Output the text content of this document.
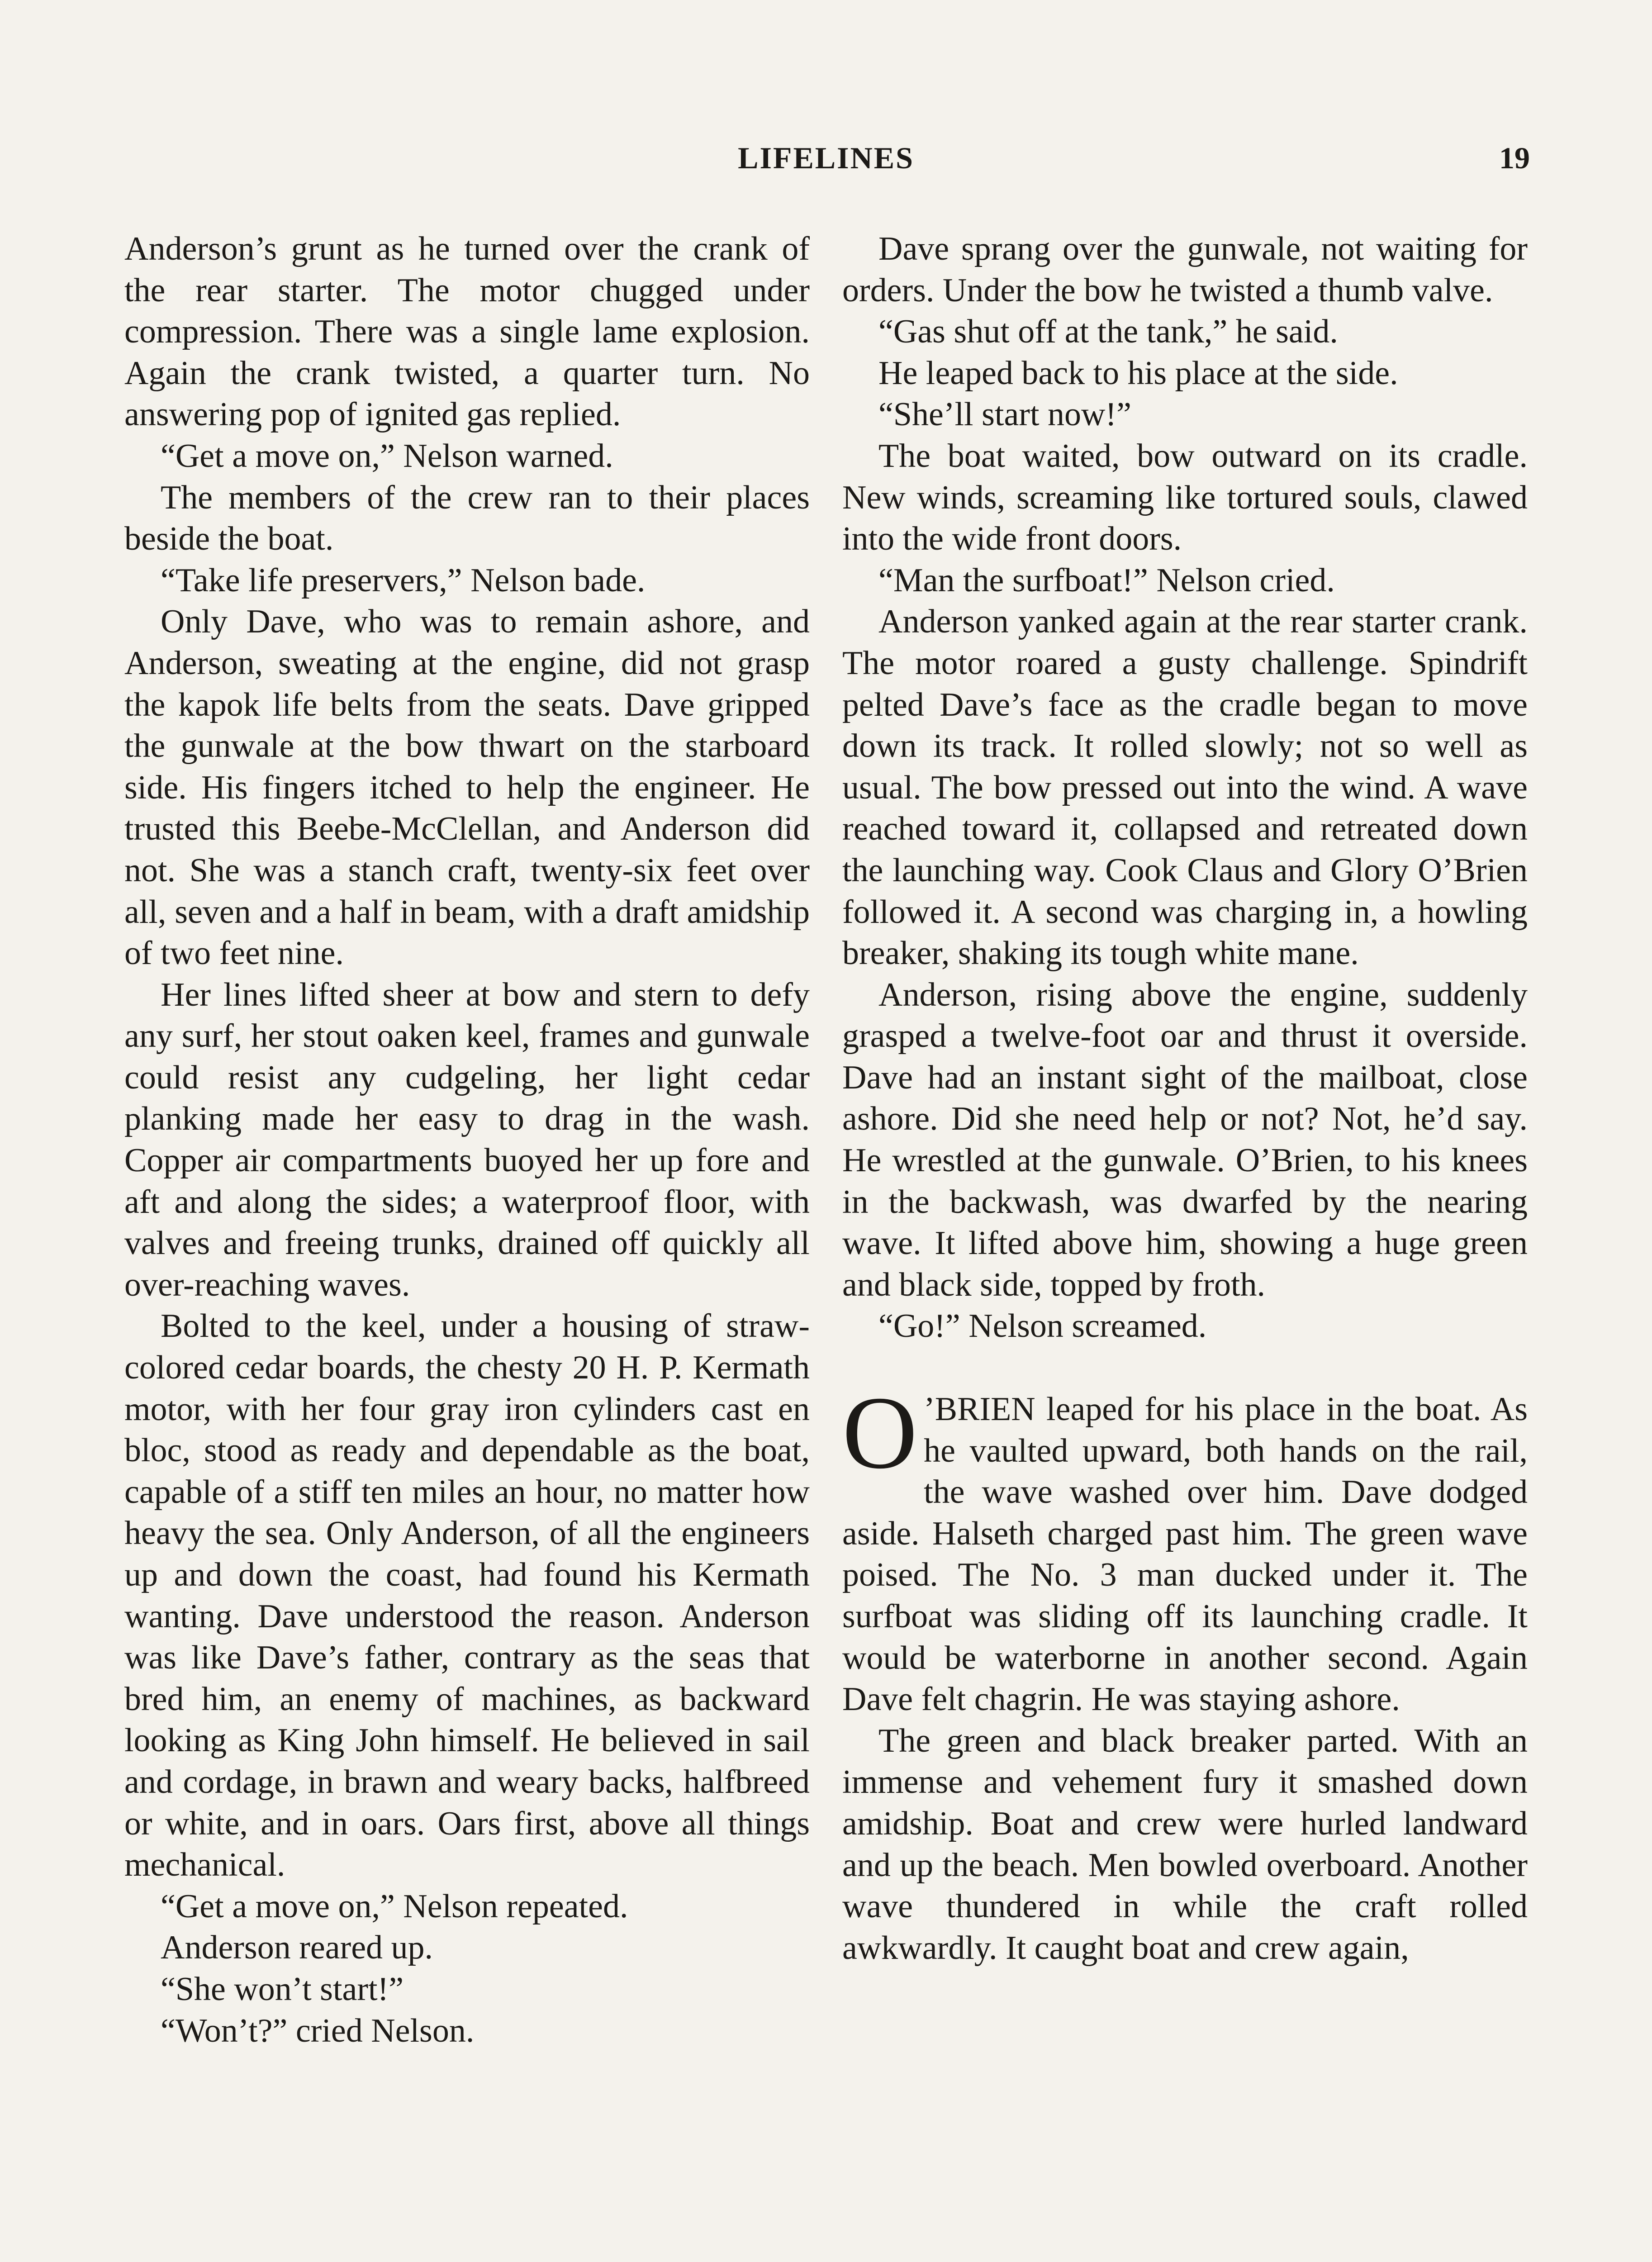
LIFELINES	19

Anderson’s grunt as he turned over the crank of the rear starter. The motor chugged under compression. There was a single lame explosion. Again the crank twisted, a quarter turn. No answering pop of ignited gas replied.

“Get a move on,” Nelson warned.

The members of the crew ran to their places beside the boat.

“Take life preservers,” Nelson bade.

Only Dave, who was to remain ashore, and Anderson, sweating at the engine, did not grasp the kapok life belts from the seats. Dave gripped the gunwale at the bow thwart on the starboard side. His fingers itched to help the engineer. He trusted this Beebe-McClellan, and Anderson did not. She was a stanch craft, twenty-six feet over all, seven and a half in beam, with a draft amidship of two feet nine.

Her lines lifted sheer at bow and stern to defy any surf, her stout oaken keel, frames and gunwale could resist any cudgeling, her light cedar planking made her easy to drag in the wash. Copper air compartments buoyed her up fore and aft and along the sides; a waterproof floor, with valves and freeing trunks, drained off quickly all over-reaching waves.

Bolted to the keel, under a housing of straw-colored cedar boards, the chesty 20 H. P. Kermath motor, with her four gray iron cylinders cast en bloc, stood as ready and dependable as the boat, capable of a stiff ten miles an hour, no matter how heavy the sea. Only Anderson, of all the engineers up and down the coast, had found his Kermath wanting. Dave understood the reason. Anderson was like Dave’s father, contrary as the seas that bred him, an enemy of machines, as backward looking as King John himself. He believed in sail and cordage, in brawn and weary backs, halfbreed or white, and in oars. Oars first, above all things mechanical.

“Get a move on,” Nelson repeated.

Anderson reared up.

“She won’t start!”

“Won’t?” cried Nelson.

Dave sprang over the gunwale, not waiting for orders. Under the bow he twisted a thumb valve.

“Gas shut off at the tank,” he said.

He leaped back to his place at the side.

“She’ll start now!”

The boat waited, bow outward on its cradle. New winds, screaming like tortured souls, clawed into the wide front doors.

“Man the surfboat!” Nelson cried.

Anderson yanked again at the rear starter crank. The motor roared a gusty challenge. Spindrift pelted Dave’s face as the cradle began to move down its track. It rolled slowly; not so well as usual. The bow pressed out into the wind. A wave reached toward it, collapsed and retreated down the launching way. Cook Claus and Glory O’Brien followed it. A second was charging in, a howling breaker, shaking its tough white mane.

Anderson, rising above the engine, suddenly grasped a twelve-foot oar and thrust it overside. Dave had an instant sight of the mailboat, close ashore. Did she need help or not? Not, he’d say. He wrestled at the gunwale. O’Brien, to his knees in the backwash, was dwarfed by the nearing wave. It lifted above him, showing a huge green and black side, topped by froth.

“Go!” Nelson screamed.

O ’BRIEN leaped for his place in the boat. As he vaulted upward, both hands on the rail, the wave washed over him. Dave dodged aside. Halseth charged past him. The green wave poised. The No. 3 man ducked under it. The surfboat was sliding off its launching cradle. It would be waterborne in another second. Again Dave felt chagrin. He was staying ashore.

The green and black breaker parted. With an immense and vehement fury it smashed down amidship. Boat and crew were hurled landward and up the beach. Men bowled overboard. Another wave thundered in while the craft rolled awkwardly. It caught boat and crew again,
